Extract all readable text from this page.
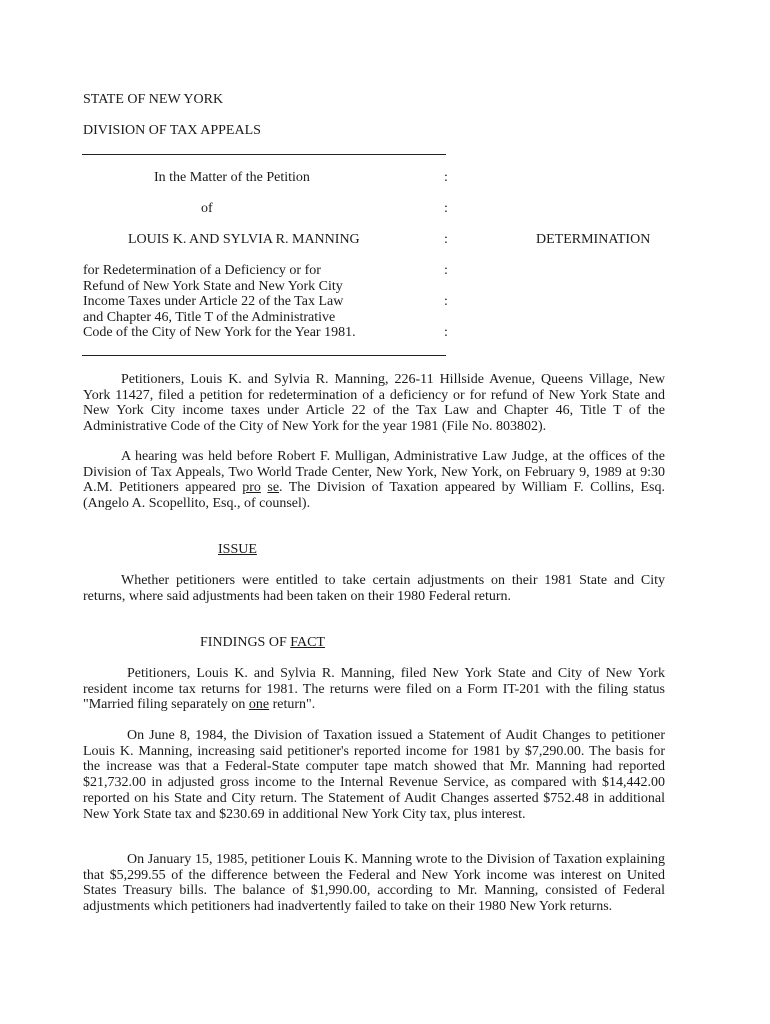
STATE OF NEW YORK
DIVISION OF TAX APPEALS
In the Matter of the Petition
of
LOUIS K. AND SYLVIA R. MANNING	DETERMINATION
:
:
:
:
:
:
for Redetermination of a Deficiency or for
Refund of New York State and New York City
Income Taxes under Article 22 of the Tax Law
and Chapter 46, Title T of the Administrative
Code of the City of New York for the Year 1981.
Petitioners, Louis K. and Sylvia R. Manning, 226-11 Hillside Avenue, Queens Village, New York 11427, filed a petition for redetermination of a deficiency or for refund of New York State and New York City income taxes under Article 22 of the Tax Law and Chapter 46, Title T of the Administrative Code of the City of New York for the year 1981 (File No. 803802).
A hearing was held before Robert F. Mulligan, Administrative Law Judge, at the offices of the Division of Tax Appeals, Two World Trade Center, New York, New York, on February 9, 1989 at 9:30 A.M. Petitioners appeared pro se. The Division of Taxation appeared by William F. Collins, Esq. (Angelo A. Scopellito, Esq., of counsel).
ISSUE
Whether petitioners were entitled to take certain adjustments on their 1981 State and City returns, where said adjustments had been taken on their 1980 Federal return.
FINDINGS OF FACT
Petitioners, Louis K. and Sylvia R. Manning, filed New York State and City of New York resident income tax returns for 1981. The returns were filed on a Form IT-201 with the filing status "Married filing separately on one return".
On June 8, 1984, the Division of Taxation issued a Statement of Audit Changes to petitioner Louis K. Manning, increasing said petitioner's reported income for 1981 by $7,290.00. The basis for the increase was that a Federal-State computer tape match showed that Mr. Manning had reported $21,732.00 in adjusted gross income to the Internal Revenue Service, as compared with $14,442.00 reported on his State and City return. The Statement of Audit Changes asserted $752.48 in additional New York State tax and $230.69 in additional New York City tax, plus interest.
On January 15, 1985, petitioner Louis K. Manning wrote to the Division of Taxation explaining that $5,299.55 of the difference between the Federal and New York income was interest on United States Treasury bills. The balance of $1,990.00, according to Mr. Manning, consisted of Federal adjustments which petitioners had inadvertently failed to take on their 1980 New York returns.
